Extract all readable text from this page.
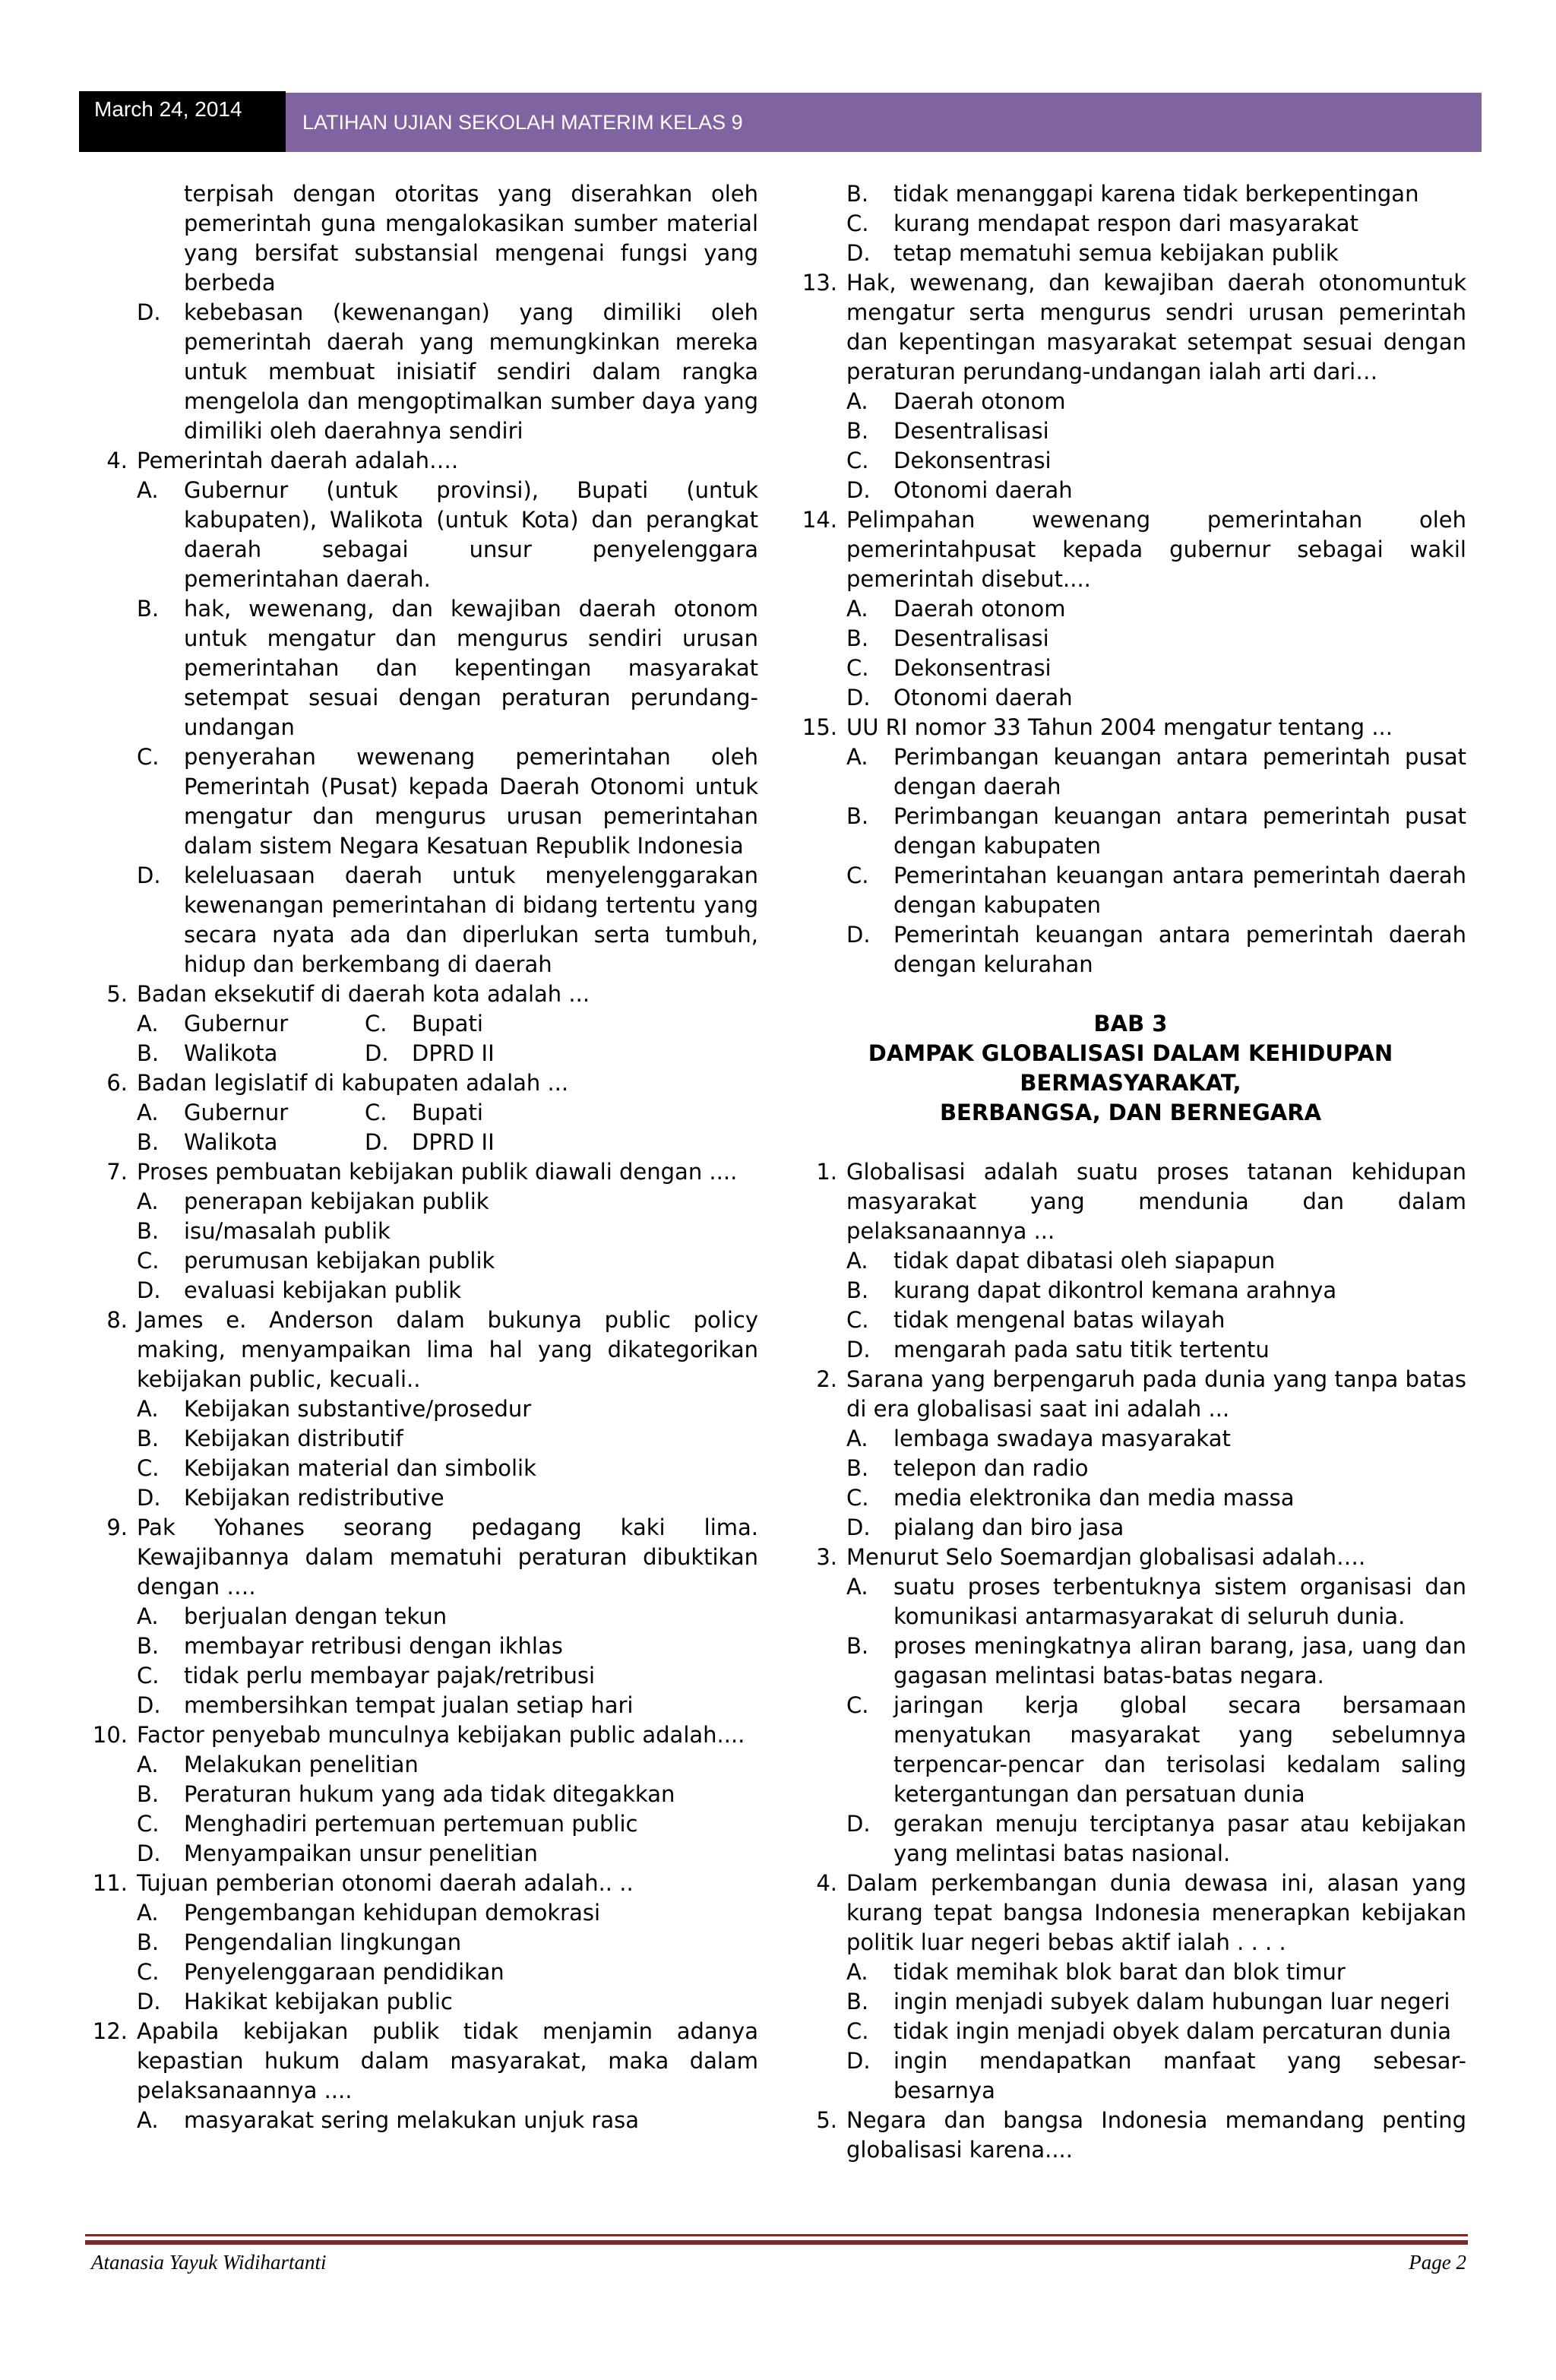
March 24, 2014
LATIHAN UJIAN SEKOLAH MATERIM KELAS 9
terpisah dengan otoritas yang diserahkan oleh pemerintah guna mengalokasikan sumber material yang bersifat substansial mengenai fungsi yang berbeda
D.	kebebasan (kewenangan) yang dimiliki oleh pemerintah daerah yang memungkinkan mereka untuk membuat inisiatif sendiri dalam rangka mengelola dan mengoptimalkan sumber daya yang dimiliki oleh daerahnya sendiri
4. Pemerintah daerah adalah….
A.	Gubernur (untuk provinsi), Bupati (untuk kabupaten), Walikota (untuk Kota) dan perangkat daerah sebagai unsur penyelenggara pemerintahan daerah.
B.	hak, wewenang, dan kewajiban daerah otonom untuk mengatur dan mengurus sendiri urusan pemerintahan dan kepentingan masyarakat setempat sesuai dengan peraturan perundang-undangan
C.	penyerahan wewenang pemerintahan oleh Pemerintah (Pusat) kepada Daerah Otonomi untuk mengatur dan mengurus urusan pemerintahan dalam sistem Negara Kesatuan Republik Indonesia
D.	keleluasaan daerah untuk menyelenggarakan kewenangan pemerintahan di bidang tertentu yang secara nyata ada dan diperlukan serta tumbuh, hidup dan berkembang di daerah
5. Badan eksekutif di daerah kota adalah ...
A.	Gubernur	C.	Bupati
B.	Walikota	D.	DPRD II
6. Badan legislatif di kabupaten adalah ...
A.	Gubernur	C.	Bupati
B.	Walikota	D.	DPRD II
7. Proses pembuatan kebijakan publik diawali dengan ....
A.	penerapan kebijakan publik
B.	isu/masalah publik
C.	perumusan kebijakan publik
D.	evaluasi kebijakan publik
8. James e. Anderson dalam bukunya public policy making, menyampaikan lima hal yang dikategorikan kebijakan public, kecuali..
A.	Kebijakan substantive/prosedur
B.	Kebijakan distributif
C.	Kebijakan material dan simbolik
D.	Kebijakan redistributive
9. Pak Yohanes seorang pedagang kaki lima. Kewajibannya dalam mematuhi peraturan dibuktikan dengan ….
A.	berjualan dengan tekun
B.	membayar retribusi dengan ikhlas
C.	tidak perlu membayar pajak/retribusi
D.	membersihkan tempat jualan setiap hari
10. Factor penyebab munculnya kebijakan public adalah....
A.	Melakukan penelitian
B.	Peraturan hukum yang ada tidak ditegakkan
C.	Menghadiri pertemuan pertemuan public
D.	Menyampaikan unsur penelitian
11. Tujuan pemberian otonomi daerah adalah.. ..
A.	Pengembangan kehidupan demokrasi
B.	Pengendalian lingkungan
C.	Penyelenggaraan pendidikan
D.	Hakikat kebijakan public
12. Apabila kebijakan publik tidak menjamin adanya kepastian hukum dalam masyarakat, maka dalam pelaksanaannya ....
A.	masyarakat sering melakukan unjuk rasa
B.	tidak menanggapi karena tidak berkepentingan
C.	kurang mendapat respon dari masyarakat
D.	tetap mematuhi semua kebijakan publik
13. Hak, wewenang, dan kewajiban daerah otonomuntuk mengatur serta mengurus sendri urusan pemerintah dan kepentingan masyarakat setempat sesuai dengan peraturan perundang-undangan ialah arti dari…
A.	Daerah otonom
B.	Desentralisasi
C.	Dekonsentrasi
D.	Otonomi daerah
14. Pelimpahan wewenang pemerintahan oleh pemerintahpusat kepada gubernur sebagai wakil pemerintah disebut....
A.	Daerah otonom
B.	Desentralisasi
C.	Dekonsentrasi
D.	Otonomi daerah
15. UU RI nomor 33 Tahun 2004 mengatur tentang ...
A.	Perimbangan keuangan antara pemerintah pusat dengan daerah
B.	Perimbangan keuangan antara pemerintah pusat dengan kabupaten
C.	Pemerintahan keuangan antara pemerintah daerah dengan kabupaten
D.	Pemerintah keuangan antara pemerintah daerah dengan kelurahan
BAB 3
DAMPAK GLOBALISASI DALAM KEHIDUPAN
BERMASYARAKAT,
BERBANGSA, DAN BERNEGARA
1. Globalisasi adalah suatu proses tatanan kehidupan masyarakat yang mendunia dan dalam pelaksanaannya ...
A.	tidak dapat dibatasi oleh siapapun
B.	kurang dapat dikontrol kemana arahnya
C.	tidak mengenal batas wilayah
D.	mengarah pada satu titik tertentu
2. Sarana yang berpengaruh pada dunia yang tanpa batas di era globalisasi saat ini adalah ...
A.	lembaga swadaya masyarakat
B.	telepon dan radio
C.	media elektronika dan media massa
D.	pialang dan biro jasa
3. Menurut Selo Soemardjan globalisasi adalah….
A.	suatu proses terbentuknya sistem organisasi dan komunikasi antarmasyarakat di seluruh dunia.
B.	proses meningkatnya aliran barang, jasa, uang dan gagasan melintasi batas-batas negara.
C.	jaringan kerja global secara bersamaan menyatukan masyarakat yang sebelumnya terpencar-pencar dan terisolasi kedalam saling ketergantungan dan persatuan dunia
D.	gerakan menuju terciptanya pasar atau kebijakan yang melintasi batas nasional.
4. Dalam perkembangan dunia dewasa ini, alasan yang kurang tepat bangsa Indonesia menerapkan kebijakan politik luar negeri bebas aktif ialah . . . .
A.	tidak memihak blok barat dan blok timur
B.	ingin menjadi subyek dalam hubungan luar negeri
C.	tidak ingin menjadi obyek dalam percaturan dunia
D.	ingin mendapatkan manfaat yang sebesar-besarnya
5. Negara dan bangsa Indonesia memandang penting globalisasi karena....
Atanasia Yayuk Widihartanti	Page 2
